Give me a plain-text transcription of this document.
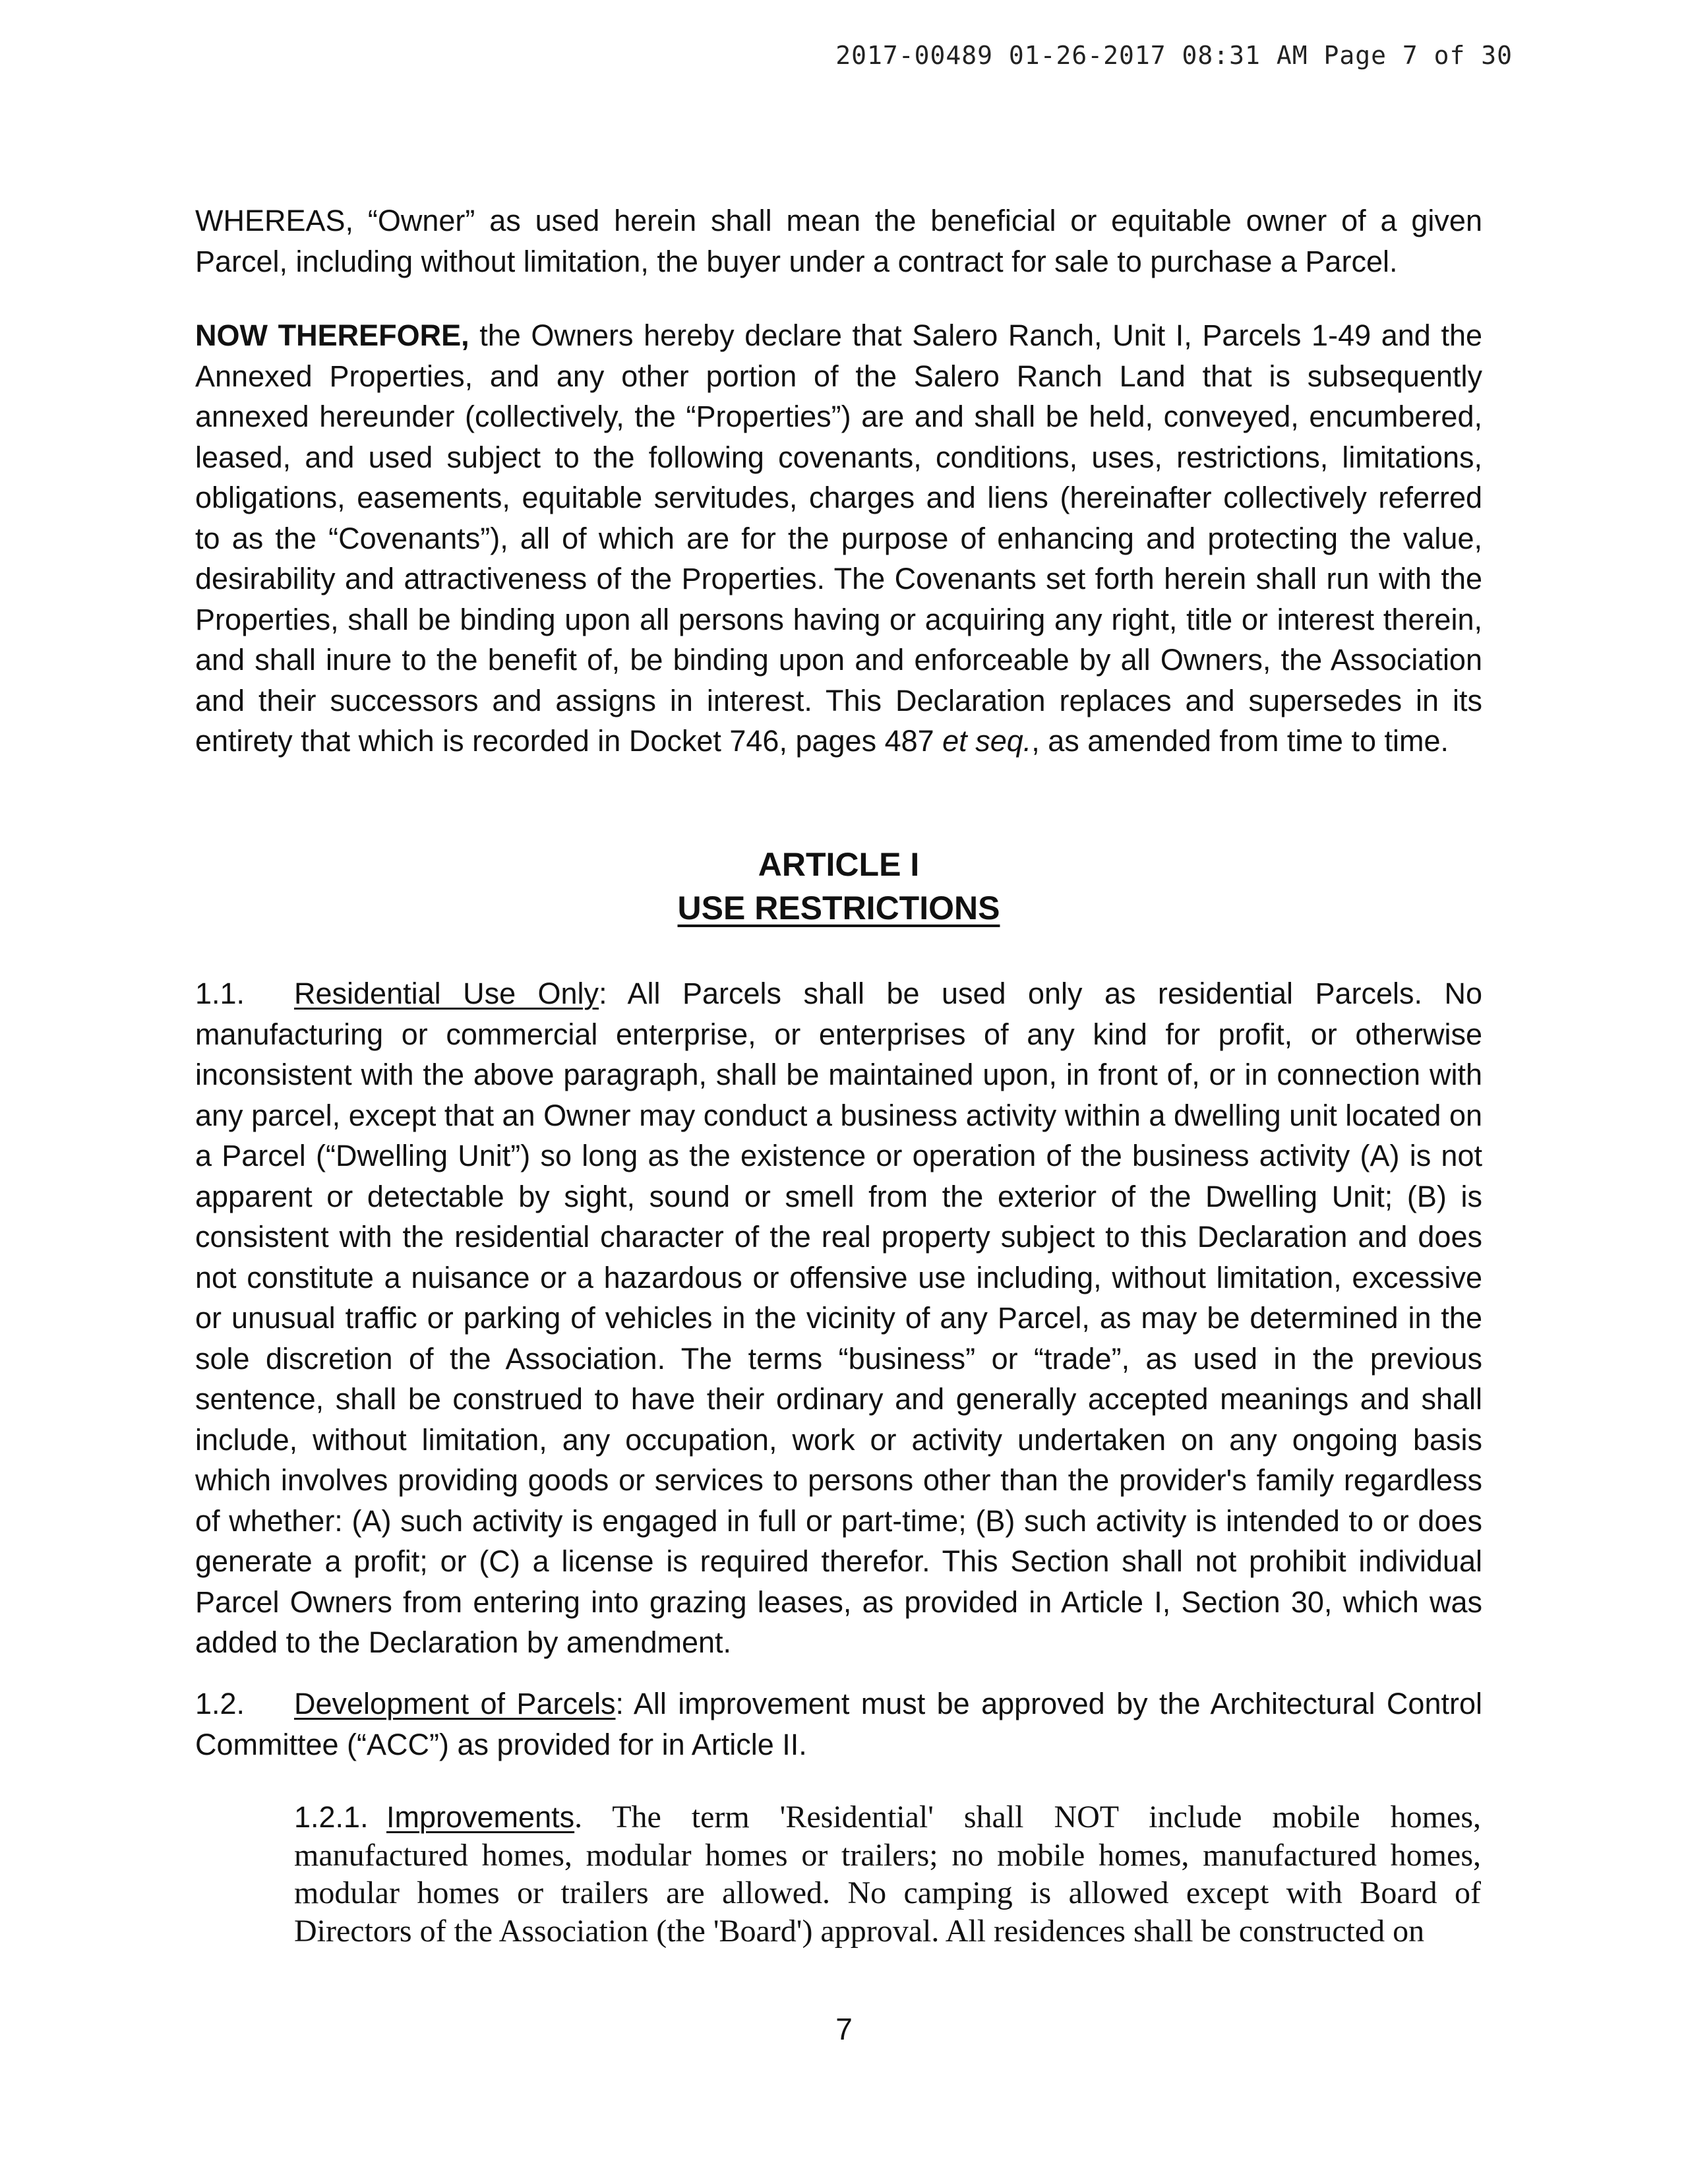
2017-00489 01-26-2017 08:31 AM Page 7 of 30

WHEREAS, “Owner” as used herein shall mean the beneficial or equitable owner of a given Parcel, including without limitation, the buyer under a contract for sale to purchase a Parcel.

NOW THEREFORE, the Owners hereby declare that Salero Ranch, Unit I, Parcels 1-49 and the Annexed Properties, and any other portion of the Salero Ranch Land that is subsequently annexed hereunder (collectively, the “Properties”) are and shall be held, conveyed, encumbered, leased, and used subject to the following covenants, conditions, uses, restrictions, limitations, obligations, easements, equitable servitudes, charges and liens (hereinafter collectively referred to as the “Covenants”), all of which are for the purpose of enhancing and protecting the value, desirability and attractiveness of the Properties. The Covenants set forth herein shall run with the Properties, shall be binding upon all persons having or acquiring any right, title or interest therein, and shall inure to the benefit of, be binding upon and enforceable by all Owners, the Association and their successors and assigns in interest. This Declaration replaces and supersedes in its entirety that which is recorded in Docket 746, pages 487 et seq., as amended from time to time.

ARTICLE I
USE RESTRICTIONS

1.1. Residential Use Only: All Parcels shall be used only as residential Parcels. No manufacturing or commercial enterprise, or enterprises of any kind for profit, or otherwise inconsistent with the above paragraph, shall be maintained upon, in front of, or in connection with any parcel, except that an Owner may conduct a business activity within a dwelling unit located on a Parcel (“Dwelling Unit”) so long as the existence or operation of the business activity (A) is not apparent or detectable by sight, sound or smell from the exterior of the Dwelling Unit; (B) is consistent with the residential character of the real property subject to this Declaration and does not constitute a nuisance or a hazardous or offensive use including, without limitation, excessive or unusual traffic or parking of vehicles in the vicinity of any Parcel, as may be determined in the sole discretion of the Association. The terms “business” or “trade”, as used in the previous sentence, shall be construed to have their ordinary and generally accepted meanings and shall include, without limitation, any occupation, work or activity undertaken on any ongoing basis which involves providing goods or services to persons other than the provider's family regardless of whether: (A) such activity is engaged in full or part-time; (B) such activity is intended to or does generate a profit; or (C) a license is required therefor. This Section shall not prohibit individual Parcel Owners from entering into grazing leases, as provided in Article I, Section 30, which was added to the Declaration by amendment.

1.2. Development of Parcels: All improvement must be approved by the Architectural Control Committee (“ACC”) as provided for in Article II.

1.2.1. Improvements. The term 'Residential' shall NOT include mobile homes, manufactured homes, modular homes or trailers; no mobile homes, manufactured homes, modular homes or trailers are allowed. No camping is allowed except with Board of Directors of the Association (the 'Board') approval. All residences shall be constructed on

7
